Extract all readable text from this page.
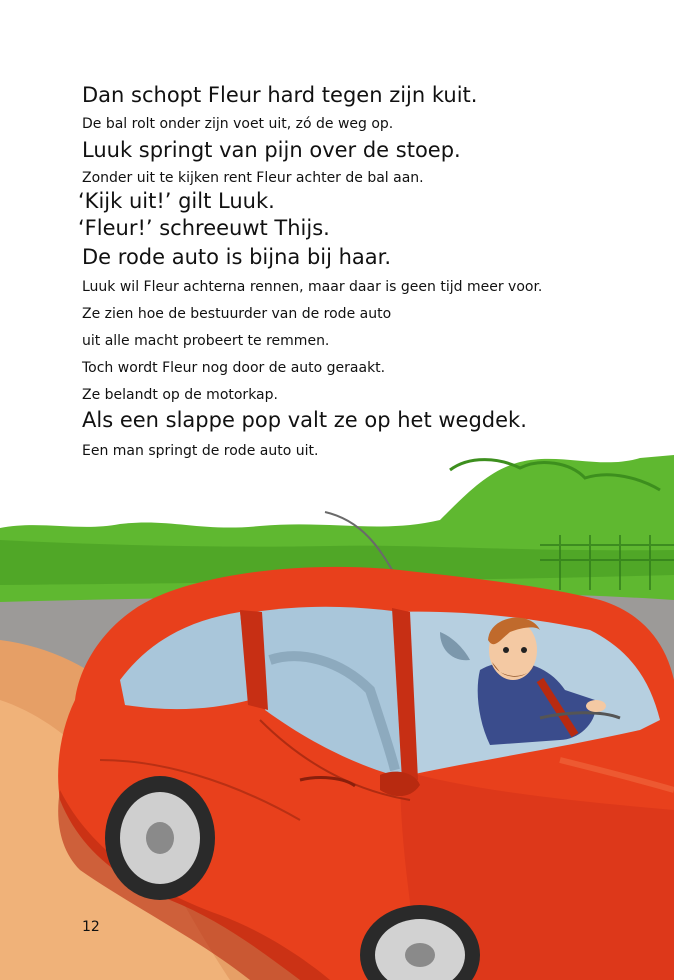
Dan schopt Fleur hard tegen zijn kuit.
De bal rolt onder zijn voet uit, zó de weg op.
Luuk springt van pijn over de stoep.
Zonder uit te kijken rent Fleur achter de bal aan.
‘Kijk uit!’ gilt Luuk.
‘Fleur!’ schreeuwt Thijs.
De rode auto is bijna bij haar.
Luuk wil Fleur achterna rennen, maar daar is geen tijd meer voor.
Ze zien hoe de bestuurder van de rode auto
uit alle macht probeert te remmen.
Toch wordt Fleur nog door de auto geraakt.
Ze belandt op de motorkap.
Als een slappe pop valt ze op het wegdek.
Een man springt de rode auto uit.
12
